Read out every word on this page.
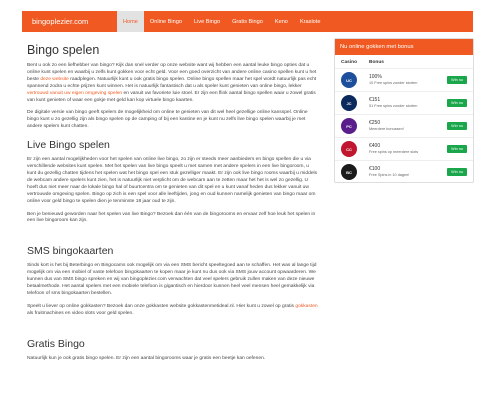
bingoplezier.com	Home	Online Bingo	Live Bingo	Gratis Bingo	Keno	Kraslote
Bingo spelen

Bent u ook zo een liefhebber van bingo? Kijk dan snel verder op onze website want wij hebben een aantal leuke bingo opties dat u online kunt spelen en waarbij u zelfs kunt gokken voor echt geld. Voor een goed overzicht van andere online casino spellen kunt u het beste deze website raadplegen. Natuurlijk kunt u ook gratis bingo spelen. Online bingo spellen maar het spel wordt natuurlijk pas echt spannend zodra u echte prijzen kunt winnen. Het is natuurlijk fantastisch dat u als speler kunt genieten van online bingo, lekker vertrouwd vanuit uw eigen omgeving spelen en vanuit uw favoriete luie stoel. Er zijn een flink aantal bingo spellen waar u zowel gratis van kunt genieten of waar een gokje met geld kan kop virtuele bingo kaarten.

De digitale versie van bingo geeft spelers de mogelijkheid om online te genieten van dit wel heel gezellige online kansspel. Online bingo kunt u zo gezellig zijn als bingo spelen op de camping of bij een kantine en je kunt nu zelfs live bingo spelen waarbij je met andere spelers kunt chatten.

Live Bingo spelen

Er zijn een aantal mogelijkheden voor het spelen van online live bingo, zo zijn er steeds meer aanbieders en bingo spellen die u via verschillende websites kunt spelen. Met het spelen van live bingo speelt u met samen met andere spelers in een live bingoroom, u kunt du gezellig chatten tijdens het spelen wat het bingo spel een stuk gezelliger maakt. Er zijn ook live bingo rooms waarbij u middels de webcam andere spelers kunt zien, het is natuurlijk niet verplicht om de webcam aan te zetten maar het het is wel zo gezellig. U hoeft dus niet meer naar de lokale bingo hal of buurtcentra om te genieten van dit spel en u kunt vanaf heden dus lekker vanuit uw vertrouwde omgeving spelen. Bingo op zich is een spel voor alle leeftijden, jong en oud kunnen namelijk genieten van bingo maar om online voor geld bingo te spelen dien je tenminste 18 jaar oud te zijn.

Ben je benieuwd geworden naar het spelen van live Bingo? Bezoek dan één van de bingorooms en ervaar zelf hoe leuk het spelen in een live bingoroom kan zijn.

SMS bingokaarten

Sinds kort is het bij Beterbingo en Bingocams ook mogelijk om via een SMS bericht speeltegoed aan te schaffen. Het was al lange tijd mogelijk om via een mobiel of vaste telefoon bingokaarten te kopen maar je kunt nu dus ook via SMS jouw account opwaarderen. We kunnen dus van SMS bingo spreken en wij van bingoplezier.com verwachten dat veel spelers gebruik zullen maken van deze nieuwe betaalmethode. Het aantal spelers met een mobiele telefoon is gigantisch en hierdoor kunnen heel veel mensen heel gemakkelijk via telefoon of sms bingokaarten bestellen.

Speelt u liever op online gokkasten? Bezoek dan onze gokkasten website gokkastenmetideal.nl. Hier kunt u zowel op gratis gokkasten als fruitmachines en video slots voor geld spelen.

Gratis Bingo

Natuurlijk kun je ook gratis bingo spelen. Er zijn een aantal bingorooms waar je gratis een beetje kan oefenen.

Nu online gokken met bonus
Casino	Bonus
UC	100%
10 Free spins zonder storten
Win nu
JC	€151
51 Free spins zonder storten
Win nu
PC	€250
Meerdere bonussen!
Win nu
CC	€400
Free spins op meerdere slots
Win nu
BC	€100
Free Spins in 10 dagen!
Win nu
